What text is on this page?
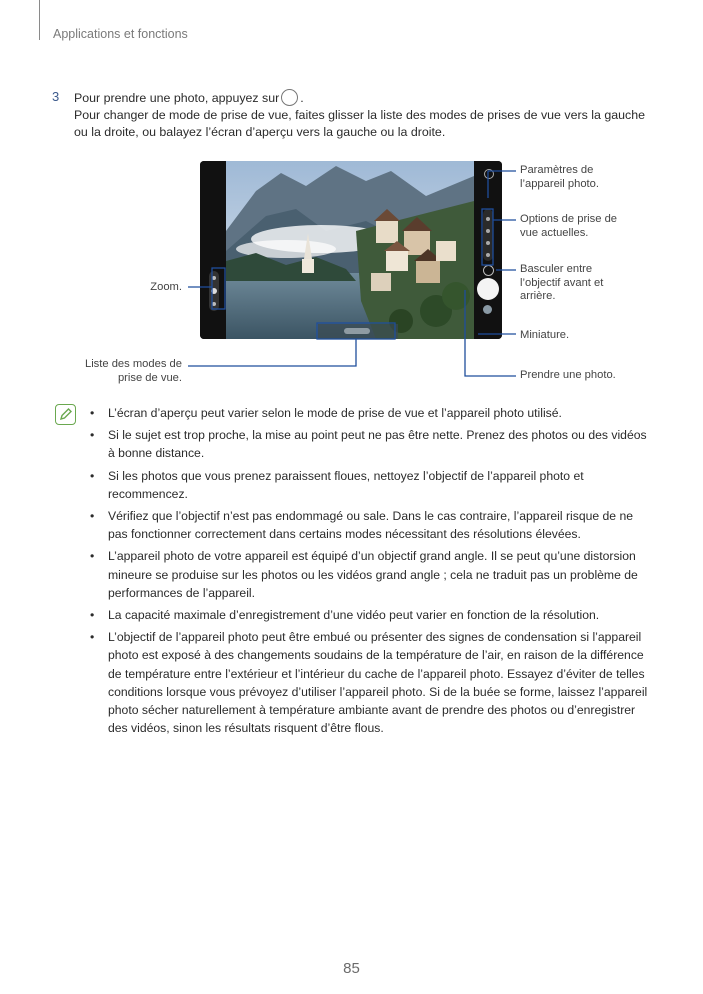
Applications et fonctions
3 Pour prendre une photo, appuyez sur .
Pour changer de mode de prise de vue, faites glisser la liste des modes de prises de vue vers la gauche
ou la droite, ou balayez l’écran d’aperçu vers la gauche ou la droite.
Paramètres de l’appareil photo.
Options de prise de vue actuelles.
Basculer entre l’objectif avant et arrière.
Miniature.
Prendre une photo.
Zoom.
Liste des modes de prise de vue.
• L’écran d’aperçu peut varier selon le mode de prise de vue et l’appareil photo utilisé.
• Si le sujet est trop proche, la mise au point peut ne pas être nette. Prenez des photos ou des vidéos à bonne distance.
• Si les photos que vous prenez paraissent floues, nettoyez l’objectif de l’appareil photo et recommencez.
• Vérifiez que l’objectif n’est pas endommagé ou sale. Dans le cas contraire, l’appareil risque de ne pas fonctionner correctement dans certains modes nécessitant des résolutions élevées.
• L’appareil photo de votre appareil est équipé d’un objectif grand angle. Il se peut qu’une distorsion mineure se produise sur les photos ou les vidéos grand angle ; cela ne traduit pas un problème de performances de l’appareil.
• La capacité maximale d’enregistrement d’une vidéo peut varier en fonction de la résolution.
• L’objectif de l’appareil photo peut être embué ou présenter des signes de condensation si l’appareil photo est exposé à des changements soudains de la température de l’air, en raison de la différence de température entre l’extérieur et l’intérieur du cache de l’appareil photo. Essayez d’éviter de telles conditions lorsque vous prévoyez d’utiliser l’appareil photo. Si de la buée se forme, laissez l’appareil photo sécher naturellement à température ambiante avant de prendre des photos ou d’enregistrer des vidéos, sinon les résultats risquent d’être flous.
85
